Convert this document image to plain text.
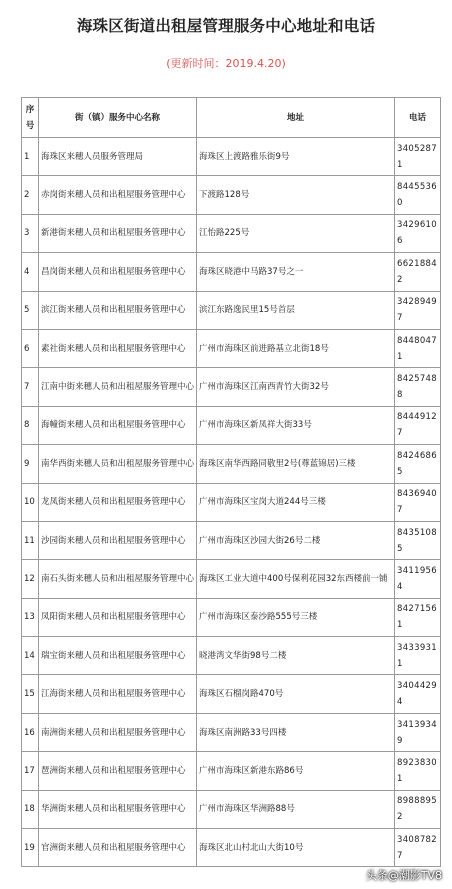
海珠区街道出租屋管理服务中心地址和电话
(更新时间：2019.4.20)
序号	街（镇）服务中心名称	地址	电话
1	海珠区来穗人员服务管理局	海珠区上渡路雅乐街9号	34052871
2	赤岗街来穗人员和出租屋服务管理中心	下渡路128号	84455360
3	新港街来穗人员和出租屋服务管理中心	江怡路225号	34296106
4	昌岗街来穗人员和出租屋服务管理中心	海珠区晓港中马路37号之一	66218842
5	滨江街来穗人员和出租屋服务管理中心	滨江东路逸民里15号首层	34289497
6	素社街来穗人员和出租屋服务管理中心	广州市海珠区前进路基立北街18号	84480471
7	江南中街来穗人员和出租屋服务管理中心	广州市海珠区江南西青竹大街32号	84257488
8	海幢街来穗人员和出租屋服务管理中心	广州市海珠区新凤祥大街33号	84449127
9	南华西街来穗人员和出租屋服务管理中心	海珠区南华西路同敬里2号(尊蓝锦居)三楼	84246865
10	龙凤街来穗人员和出租屋服务管理中心	广州市海珠区宝岗大道244号三楼	84369407
11	沙园街来穗人员和出租屋服务管理中心	广州市海珠区沙园大街26号二楼	84351085
12	南石头街来穗人员和出租屋服务管理中心	海珠区工业大道中400号保利花园32东西楼前一铺	34119564
13	凤阳街来穗人员和出租屋服务管理中心	广州市海珠区泰沙路555号三楼	84271561
14	瑞宝街来穗人员和出租屋服务管理中心	晓港湾文华街98号二楼	34339311
15	江海街来穗人员和出租屋服务管理中心	海珠区石榴岗路470号	34044294
16	南洲街来穗人员和出租屋服务管理中心	海珠区南洲路33号四楼	34139349
17	琶洲街来穗人员和出租屋服务管理中心	广州市海珠区新港东路86号	89238301
18	华洲街来穗人员和出租屋服务管理中心	广州市海珠区华洲路88号	89888952
19	官洲街来穗人员和出租屋服务管理中心	海珠区北山村北山大街10号	34087827
头条@潮影TV8
